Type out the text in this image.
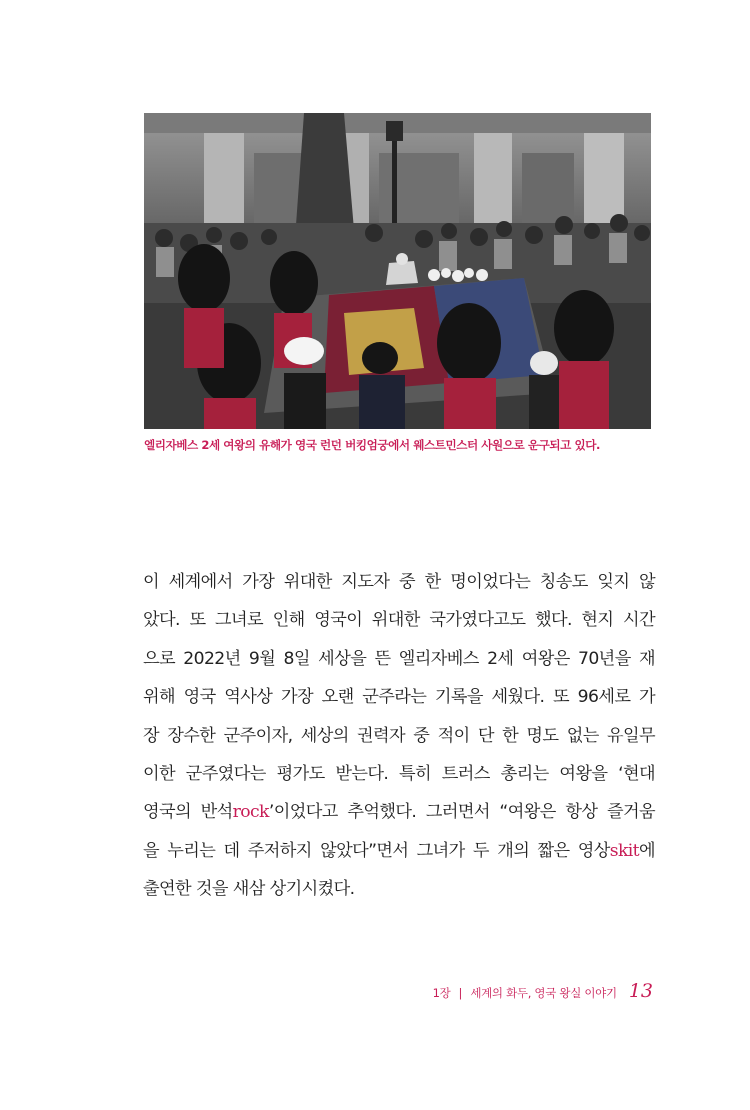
엘리자베스 2세 여왕의 유해가 영국 런던 버킹엄궁에서 웨스트민스터 사원으로 운구되고 있다.
이 세계에서 가장 위대한 지도자 중 한 명이었다는 칭송도 잊지 않
았다. 또 그녀로 인해 영국이 위대한 국가였다고도 했다. 현지 시간
으로 2022년 9월 8일 세상을 뜬 엘리자베스 2세 여왕은 70년을 재
위해 영국 역사상 가장 오랜 군주라는 기록을 세웠다. 또 96세로 가
장 장수한 군주이자, 세상의 권력자 중 적이 단 한 명도 없는 유일무
이한 군주였다는 평가도 받는다. 특히 트러스 총리는 여왕을 ‘현대
영국의 반석rock’이었다고 추억했다. 그러면서 “여왕은 항상 즐거움
을 누리는 데 주저하지 않았다”면서 그녀가 두 개의 짧은 영상skit에
출연한 것을 새삼 상기시켰다.
1장 | 세계의 화두, 영국 왕실 이야기 13
